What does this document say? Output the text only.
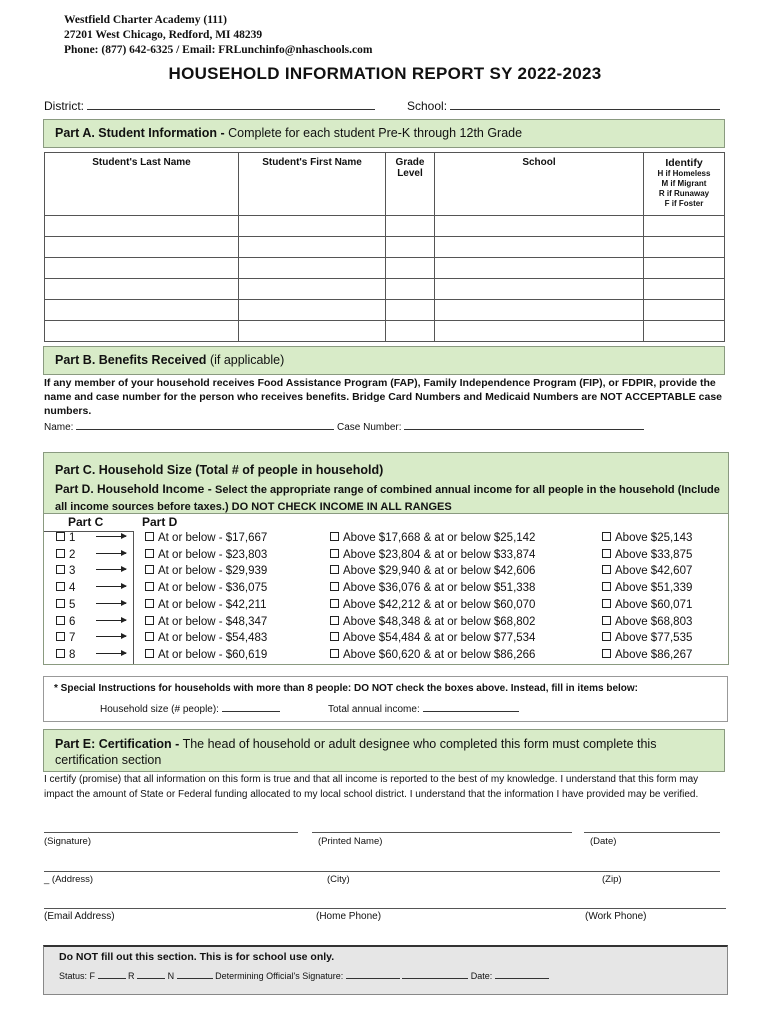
Westfield Charter Academy (111)
27201 West Chicago, Redford, MI 48239
Phone: (877) 642-6325 / Email: FRLunchinfo@nhaschools.com
HOUSEHOLD INFORMATION REPORT SY 2022-2023
District:	School:
Part A. Student Information - Complete for each student Pre-K through 12th Grade
Student's Last Name	Student's First Name	Grade Level	School	Identify
H if Homeless
M if Migrant
R if Runaway
F if Foster

Part B. Benefits Received (if applicable)
If any member of your household receives Food Assistance Program (FAP), Family Independence Program (FIP), or FDPIR, provide the name and case number for the person who receives benefits. Bridge Card Numbers and Medicaid Numbers are NOT ACCEPTABLE case numbers.
Name:	Case Number:
Part C. Household Size (Total # of people in household)
Part D. Household Income - Select the appropriate range of combined annual income for all people in the household (Include all income sources before taxes.) DO NOT CHECK INCOME IN ALL RANGES
Part C	Part D
1	At or below - $17,667	Above $17,668 & at or below $25,142	Above $25,143
2	At or below - $23,803	Above $23,804 & at or below $33,874	Above $33,875
3	At or below - $29,939	Above $29,940 & at or below $42,606	Above $42,607
4	At or below - $36,075	Above $36,076 & at or below $51,338	Above $51,339
5	At or below - $42,211	Above $42,212 & at or below $60,070	Above $60,071
6	At or below - $48,347	Above $48,348 & at or below $68,802	Above $68,803
7	At or below - $54,483	Above $54,484 & at or below $77,534	Above $77,535
8	At or below - $60,619	Above $60,620 & at or below $86,266	Above $86,267
* Special Instructions for households with more than 8 people: DO NOT check the boxes above. Instead, fill in items below:
Household size (# people):	Total annual income:
Part E: Certification - The head of household or adult designee who completed this form must complete this certification section
I certify (promise) that all information on this form is true and that all income is reported to the best of my knowledge. I understand that this form may impact the amount of State or Federal funding allocated to my local school district. I understand that the information I have provided may be verified.
(Signature)	(Printed Name)	(Date)
_ (Address)	(City)	(Zip)
(Email Address)	(Home Phone)	(Work Phone)
Do NOT fill out this section. This is for school use only.
Status: F	R	N	Determining Official's Signature:	Date:
